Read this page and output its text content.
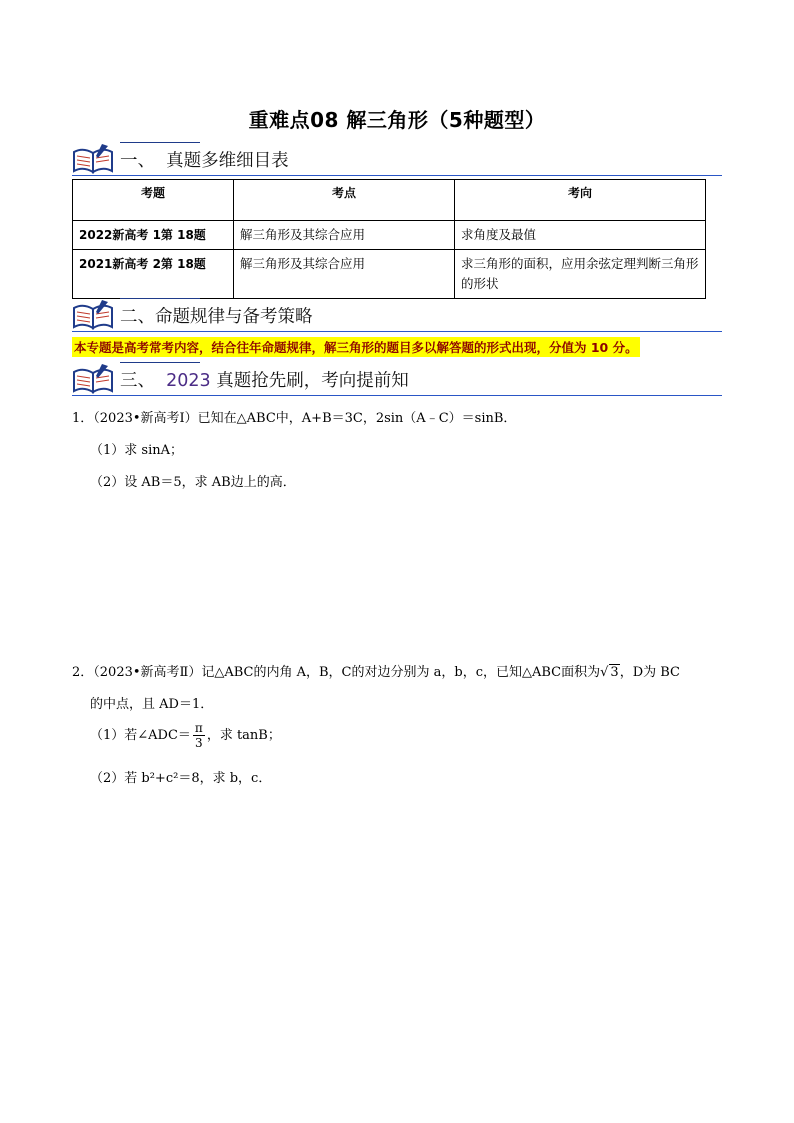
重难点08 解三角形（5种题型）
一、  真题多维细目表
考题	考点	考向
2022新高考 1第 18题	解三角形及其综合应用	求角度及最值
2021新高考 2第 18题	解三角形及其综合应用	求三角形的面积，应用余弦定理判断三角形的形状
二、命题规律与备考策略
本专题是高考常考内容，结合往年命题规律，解三角形的题目多以解答题的形式出现，分值为 10 分。
三、  2023 真题抢先刷，考向提前知
1．（2023•新高考Ⅰ）已知在△ABC中，A+B＝3C，2sin（A﹣C）＝sinB．
（1）求 sinA；
（2）设 AB＝5，求 AB边上的高．
2．（2023•新高考Ⅱ）记△ABC的内角 A，B，C的对边分别为 a，b，c，已知△ABC面积为√ 3，D为 BC
的中点，且 AD＝1．
（1）若∠ADC＝ $\frac{\pi}{3}$ ，求 tanB；
（2）若 b²+c²＝8，求 b，c．
